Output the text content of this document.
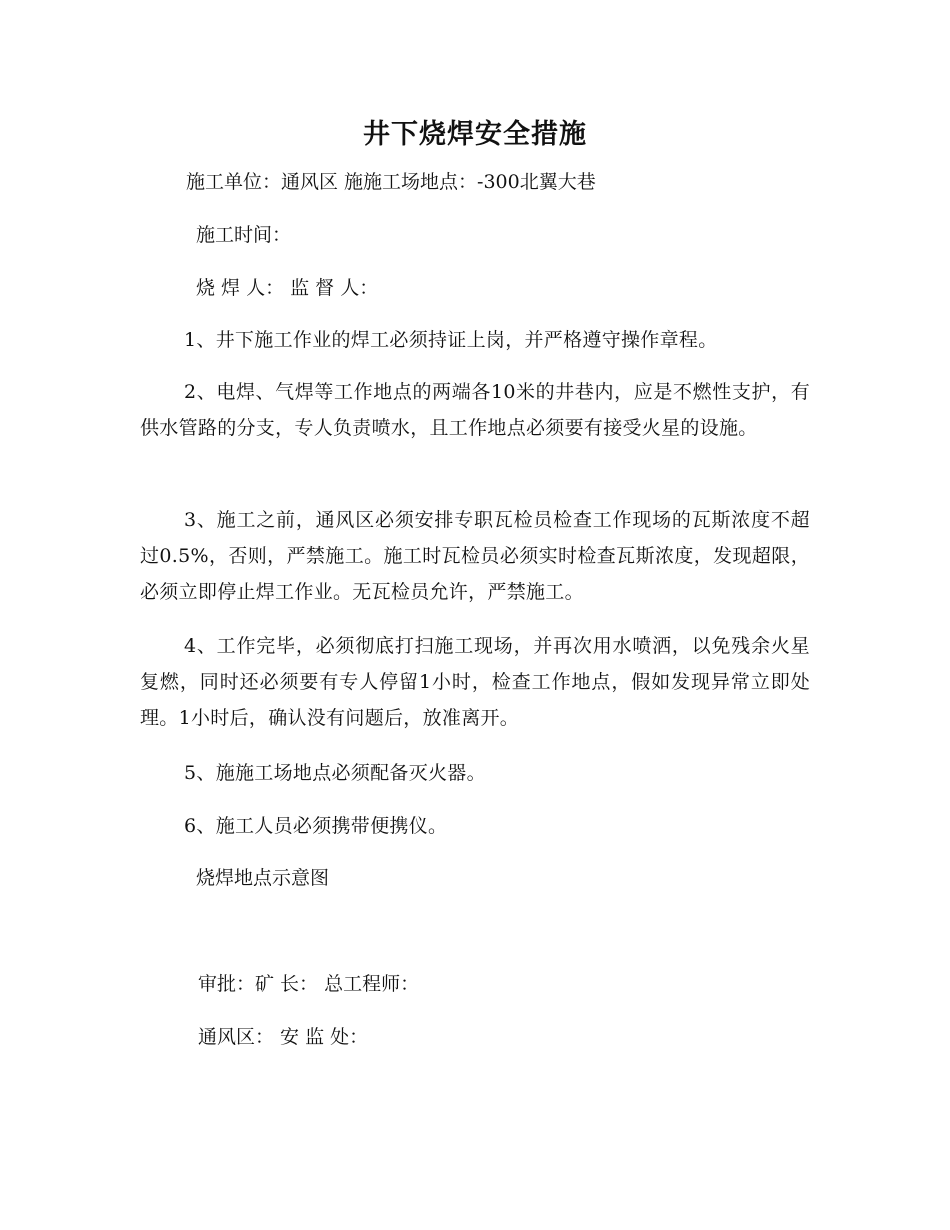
井下烧焊安全措施
施工单位：通风区 施施工场地点：-300北翼大巷
施工时间：
烧 焊 人： 监 督 人：
1、井下施工作业的焊工必须持证上岗，并严格遵守操作章程。
2、电焊、气焊等工作地点的两端各10米的井巷内，应是不燃性支护，有供水管路的分支，专人负责喷水，且工作地点必须要有接受火星的设施。
3、施工之前，通风区必须安排专职瓦检员检查工作现场的瓦斯浓度不超过0.5%，否则，严禁施工。施工时瓦检员必须实时检查瓦斯浓度，发现超限，必须立即停止焊工作业。无瓦检员允许，严禁施工。
4、工作完毕，必须彻底打扫施工现场，并再次用水喷洒，以免残余火星复燃，同时还必须要有专人停留1小时，检查工作地点，假如发现异常立即处理。1小时后，确认没有问题后，放准离开。
5、施施工场地点必须配备灭火器。
6、施工人员必须携带便携仪。
烧焊地点示意图
审批：矿 长： 总工程师：
通风区： 安 监 处：
